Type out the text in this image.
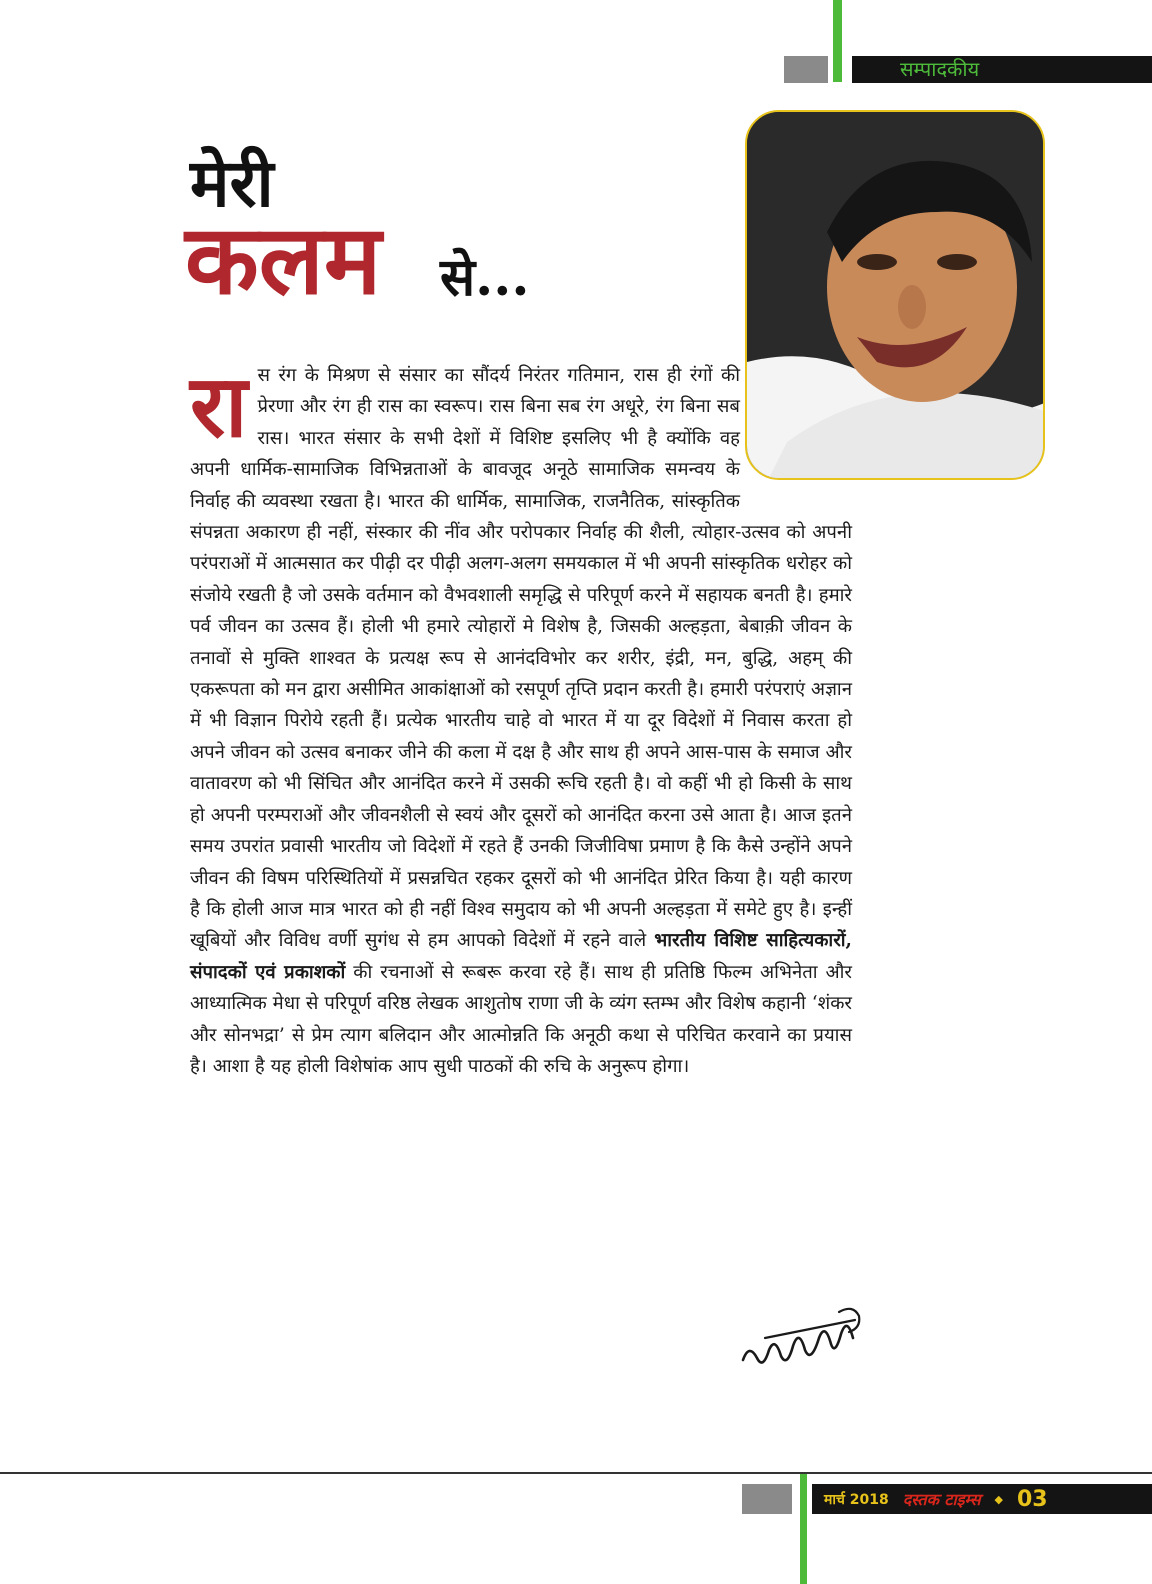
सम्पादकीय
मेरी
कलम से...
रास रंग के मिश्रण से संसार का सौंदर्य निरंतर गतिमान, रास ही रंगों की प्रेरणा और रंग ही रास का स्वरूप। रास बिना सब रंग अधूरे, रंग बिना सब रास। भारत संसार के सभी देशों में विशिष्ट इसलिए भी है क्योंकि वह अपनी धार्मिक-सामाजिक विभिन्नताओं के बावजूद अनूठे सामाजिक समन्वय के निर्वाह की व्यवस्था रखता है। भारत की धार्मिक, सामाजिक, राजनैतिक, सांस्कृतिक संपन्नता अकारण ही नहीं, संस्कार की नींव और परोपकार निर्वाह की शैली, त्योहार-उत्सव को अपनी परंपराओं में आत्मसात कर पीढ़ी दर पीढ़ी अलग-अलग समयकाल में भी अपनी सांस्कृतिक धरोहर को संजोये रखती है जो उसके वर्तमान को वैभवशाली समृद्धि से परिपूर्ण करने में सहायक बनती है। हमारे पर्व जीवन का उत्सव हैं। होली भी हमारे त्योहारों मे विशेष है, जिसकी अल्हड़ता, बेबाक़ी जीवन के तनावों से मुक्ति शाश्वत के प्रत्यक्ष रूप से आनंदविभोर कर शरीर, इंद्री, मन, बुद्धि, अहम् की एकरूपता को मन द्वारा असीमित आकांक्षाओं को रसपूर्ण तृप्ति प्रदान करती है। हमारी परंपराएं अज्ञान में भी विज्ञान पिरोये रहती हैं। प्रत्येक भारतीय चाहे वो भारत में या दूर विदेशों में निवास करता हो अपने जीवन को उत्सव बनाकर जीने की कला में दक्ष है और साथ ही अपने आस-पास के समाज और वातावरण को भी सिंचित और आनंदित करने में उसकी रूचि रहती है। वो कहीं भी हो किसी के साथ हो अपनी परम्पराओं और जीवनशैली से स्वयं और दूसरों को आनंदित करना उसे आता है। आज इतने समय उपरांत प्रवासी भारतीय जो विदेशों में रहते हैं उनकी जिजीविषा प्रमाण है कि कैसे उन्होंने अपने जीवन की विषम परिस्थितियों में प्रसन्नचित रहकर दूसरों को भी आनंदित प्रेरित किया है। यही कारण है कि होली आज मात्र भारत को ही नहीं विश्व समुदाय को भी अपनी अल्हड़ता में समेटे हुए है। इन्हीं खूबियों और विविध वर्णी सुगंध से हम आपको विदेशों में रहने वाले भारतीय विशिष्ट साहित्यकारों, संपादकों एवं प्रकाशकों की रचनाओं से रूबरू करवा रहे हैं। साथ ही प्रतिष्ठि फिल्म अभिनेता और आध्यात्मिक मेधा से परिपूर्ण वरिष्ठ लेखक आशुतोष राणा जी के व्यंग स्तम्भ और विशेष कहानी ‘शंकर और सोनभद्रा’ से प्रेम त्याग बलिदान और आत्मोन्नति कि अनूठी कथा से परिचित करवाने का प्रयास है। आशा है यह होली विशेषांक आप सुधी पाठकों की रुचि के अनुरूप होगा।
मार्च 2018 दस्तक टाइम्स ◆ 03
